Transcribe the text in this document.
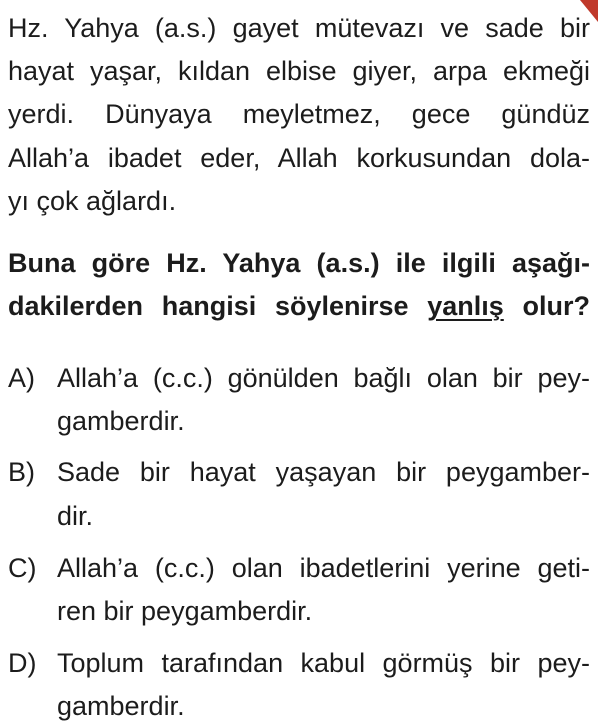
Hz. Yahya (a.s.) gayet mütevazı ve sade bir
hayat yaşar, kıldan elbise giyer, arpa ekmeği
yerdi. Dünyaya meyletmez, gece gündüz
Allah’a ibadet eder, Allah korkusundan dola-
yı çok ağlardı.
Buna göre Hz. Yahya (a.s.) ile ilgili aşağı-
dakilerden hangisi söylenirse yanlış olur?
A) Allah’a (c.c.) gönülden bağlı olan bir pey-
gamberdir.
B) Sade bir hayat yaşayan bir peygamber-
dir.
C) Allah’a (c.c.) olan ibadetlerini yerine geti-
ren bir peygamberdir.
D) Toplum tarafından kabul görmüş bir pey-
gamberdir.
